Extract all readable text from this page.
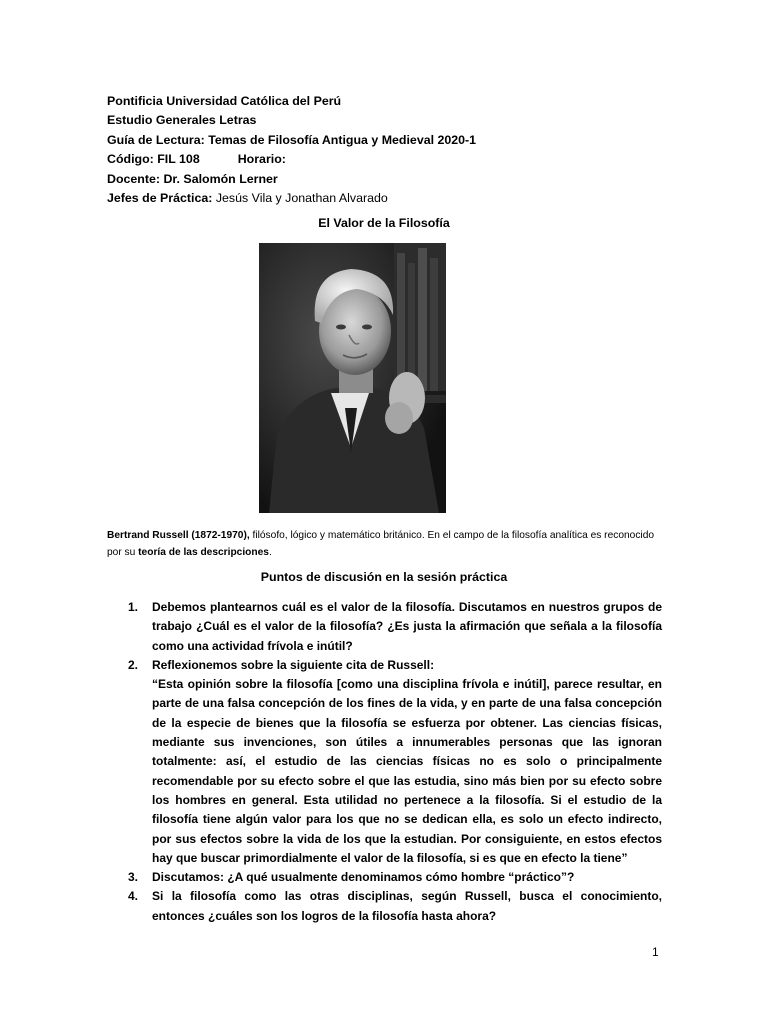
Pontificia Universidad Católica del Perú
Estudio Generales Letras
Guía de Lectura: Temas de Filosofía Antigua y Medieval 2020-1
Código: FIL 108	Horario:
Docente: Dr. Salomón Lerner
Jefes de Práctica: Jesús Vila y Jonathan Alvarado
El Valor de la Filosofía
Bertrand Russell (1872-1970), filósofo, lógico y matemático británico. En el campo de la filosofía analítica es reconocido por su teoría de las descripciones.
Puntos de discusión en la sesión práctica
1. Debemos plantearnos cuál es el valor de la filosofía. Discutamos en nuestros grupos de trabajo ¿Cuál es el valor de la filosofía? ¿Es justa la afirmación que señala a la filosofía como una actividad frívola e inútil?
2. Reflexionemos sobre la siguiente cita de Russell:
“Esta opinión sobre la filosofía [como una disciplina frívola e inútil], parece resultar, en parte de una falsa concepción de los fines de la vida, y en parte de una falsa concepción de la especie de bienes que la filosofía se esfuerza por obtener. Las ciencias físicas, mediante sus invenciones, son útiles a innumerables personas que las ignoran totalmente: así, el estudio de las ciencias físicas no es solo o principalmente recomendable por su efecto sobre el que las estudia, sino más bien por su efecto sobre los hombres en general. Esta utilidad no pertenece a la filosofía. Si el estudio de la filosofía tiene algún valor para los que no se dedican ella, es solo un efecto indirecto, por sus efectos sobre la vida de los que la estudian. Por consiguiente, en estos efectos hay que buscar primordialmente el valor de la filosofía, si es que en efecto la tiene”
3. Discutamos: ¿A qué usualmente denominamos cómo hombre “práctico”?
4. Si la filosofía como las otras disciplinas, según Russell, busca el conocimiento, entonces ¿cuáles son los logros de la filosofía hasta ahora?
1
